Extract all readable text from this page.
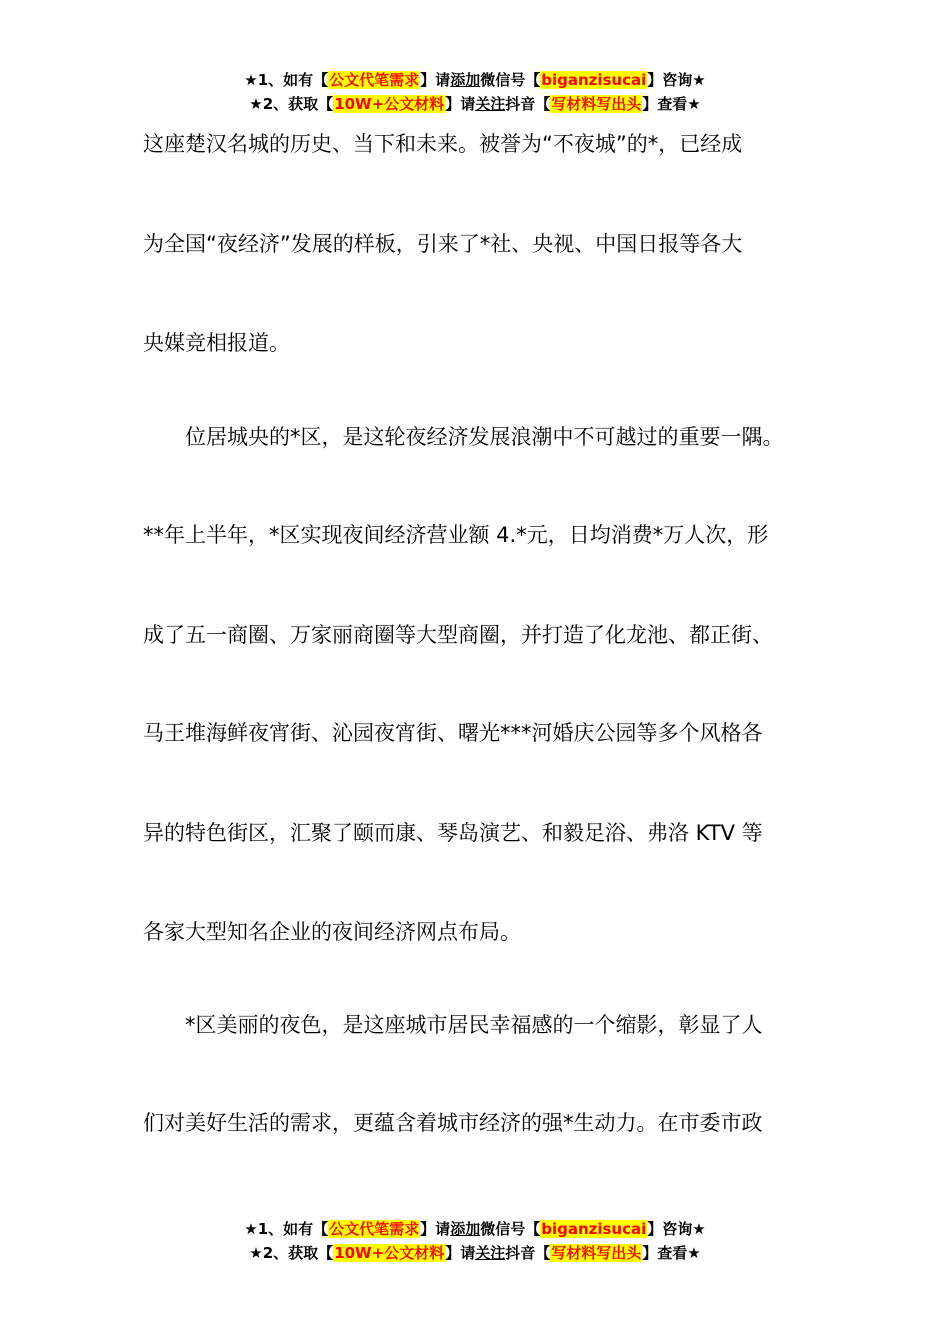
★1、如有【公文代笔需求】请添加微信号【biganzisucai】咨询★
★2、获取【10W+公文材料】请关注抖音【写材料写出头】查看★
这座楚汉名城的历史、当下和未来。被誉为“不夜城”的*，已经成
为全国“夜经济”发展的样板，引来了*社、央视、中国日报等各大
央媒竞相报道。
　　位居城央的*区，是这轮夜经济发展浪潮中不可越过的重要一隅。
**年上半年，*区实现夜间经济营业额 4.*元，日均消费*万人次，形
成了五一商圈、万家丽商圈等大型商圈，并打造了化龙池、都正街、
马王堆海鲜夜宵街、沁园夜宵街、曙光***河婚庆公园等多个风格各
异的特色街区，汇聚了颐而康、琴岛演艺、和毅足浴、弗洛 KTV 等
各家大型知名企业的夜间经济网点布局。
　　*区美丽的夜色，是这座城市居民幸福感的一个缩影，彰显了人
们对美好生活的需求，更蕴含着城市经济的强*生动力。在市委市政
★1、如有【公文代笔需求】请添加微信号【biganzisucai】咨询★
★2、获取【10W+公文材料】请关注抖音【写材料写出头】查看★
